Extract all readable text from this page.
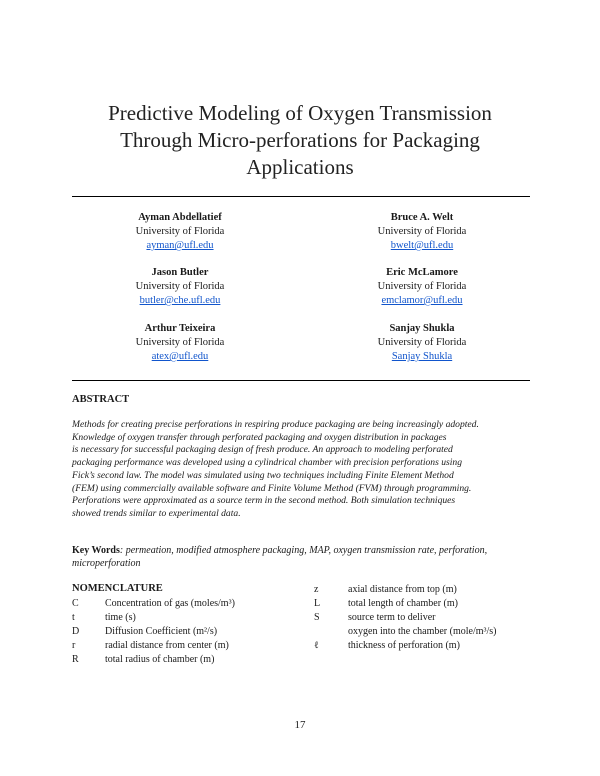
Predictive Modeling of Oxygen Transmission
Through Micro-perforations for Packaging
Applications
Ayman Abdellatief
University of Florida
ayman@ufl.edu
Bruce A. Welt
University of Florida
bwelt@ufl.edu
Jason Butler
University of Florida
butler@che.ufl.edu
Eric McLamore
University of Florida
emclamor@ufl.edu
Arthur Teixeira
University of Florida
atex@ufl.edu
Sanjay Shukla
University of Florida
Sanjay Shukla
ABSTRACT
Methods for creating precise perforations in respiring produce packaging are being increasingly adopted.
Knowledge of oxygen transfer through perforated packaging and oxygen distribution in packages
is necessary for successful packaging design of fresh produce. An approach to modeling perforated
packaging performance was developed using a cylindrical chamber with precision perforations using
Fick’s second law. The model was simulated using two techniques including Finite Element Method
(FEM) using commercially available software and Finite Volume Method (FVM) through programming.
Perforations were approximated as a source term in the second method. Both simulation techniques
showed trends similar to experimental data.
Key Words: permeation, modified atmosphere packaging, MAP, oxygen transmission rate, perforation, microperforation
NOMENCLATURE
C	Concentration of gas (moles/m³)
t	time (s)
D	Diffusion Coefficient (m²/s)
r	radial distance from center (m)
R	total radius of chamber (m)
z	axial distance from top (m)
L	total length of chamber (m)
S	source term to deliver
oxygen into the chamber (mole/m³/s)
ℓ	thickness of perforation (m)
17
